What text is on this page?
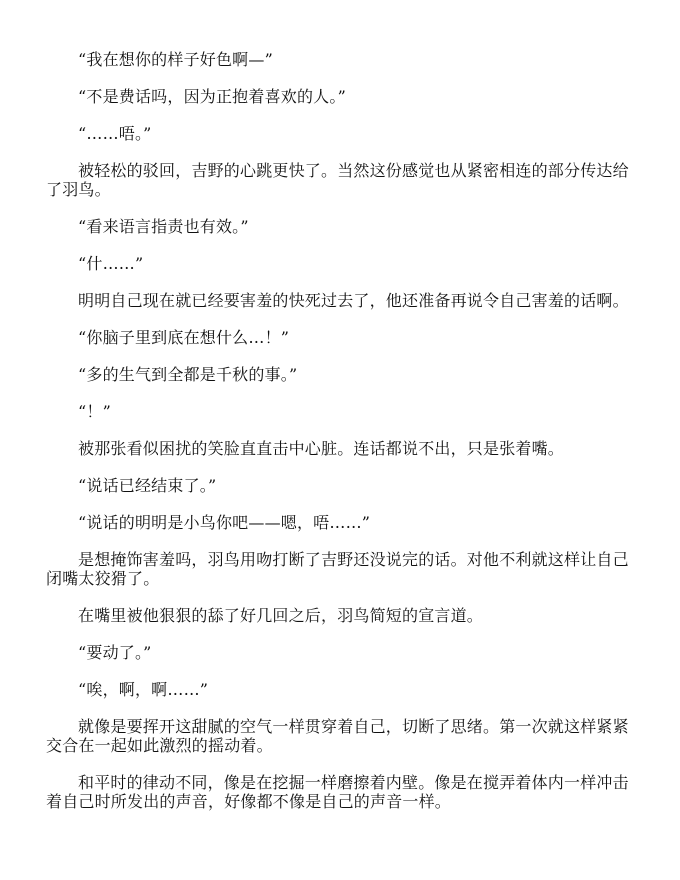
“我在想你的样子好色啊—”

“不是费话吗，因为正抱着喜欢的人。”

“……唔。”

被轻松的驳回，吉野的心跳更快了。当然这份感觉也从紧密相连的部分传达给了羽鸟。

“看来语言指责也有效。”

“什……”

明明自己现在就已经要害羞的快死过去了，他还准备再说令自己害羞的话啊。

“你脑子里到底在想什么…！”

“多的生气到全都是千秋的事。”

“！”

被那张看似困扰的笑脸直直击中心脏。连话都说不出，只是张着嘴。

“说话已经结束了。”

“说话的明明是小鸟你吧——嗯，唔……”

是想掩饰害羞吗，羽鸟用吻打断了吉野还没说完的话。对他不利就这样让自己闭嘴太狡猾了。

在嘴里被他狠狠的舔了好几回之后，羽鸟简短的宣言道。

“要动了。”

“唉，啊，啊……”

就像是要挥开这甜腻的空气一样贯穿着自己，切断了思绪。第一次就这样紧紧交合在一起如此激烈的摇动着。

和平时的律动不同，像是在挖掘一样磨擦着内壁。像是在搅弄着体内一样冲击着自己时所发出的声音，好像都不像是自己的声音一样。
